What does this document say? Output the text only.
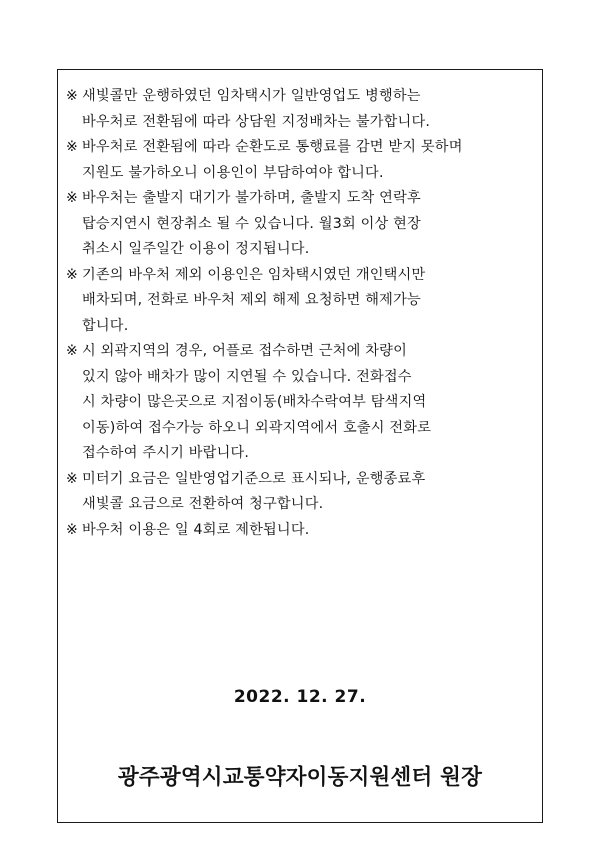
※ 새빛콜만 운행하였던 임차택시가 일반영업도 병행하는
바우처로 전환됨에 따라 상담원 지정배차는 불가합니다.
※ 바우처로 전환됨에 따라 순환도로 통행료를 감면 받지 못하며
지원도 불가하오니 이용인이 부담하여야 합니다.
※ 바우처는 출발지 대기가 불가하며, 출발지 도착 연락후
탑승지연시 현장취소 될 수 있습니다. 월3회 이상 현장
취소시 일주일간 이용이 정지됩니다.
※ 기존의 바우처 제외 이용인은 임차택시였던 개인택시만
배차되며, 전화로 바우처 제외 해제 요청하면 해제가능
합니다.
※ 시 외곽지역의 경우, 어플로 접수하면 근처에 차량이
있지 않아 배차가 많이 지연될 수 있습니다. 전화접수
시 차량이 많은곳으로 지점이동(배차수락여부 탐색지역
이동)하여 접수가능 하오니 외곽지역에서 호출시 전화로
접수하여 주시기 바랍니다.
※ 미터기 요금은 일반영업기준으로 표시되나, 운행종료후
새빛콜 요금으로 전환하여 청구합니다.
※ 바우처 이용은 일 4회로 제한됩니다.
2022. 12. 27.
광주광역시교통약자이동지원센터 원장
